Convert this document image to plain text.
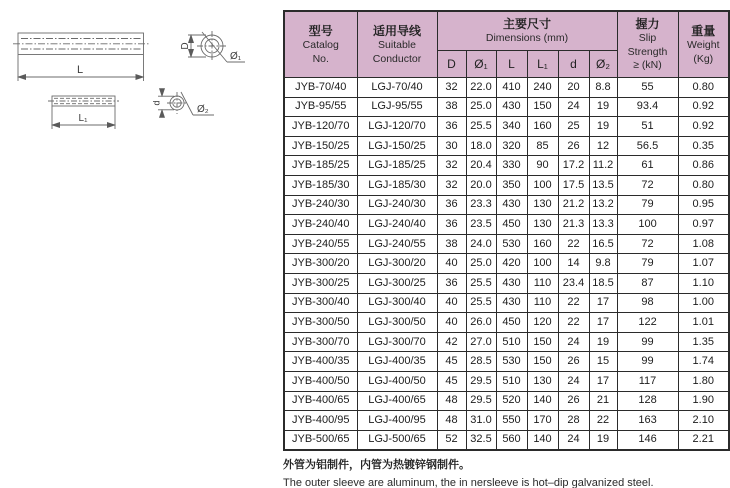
L
D
Ø₁
L₁
d
Ø₂
型号
Catalog
No.

适用导线
Suitable
Conductor

主要尺寸
Dimensions (mm)

握力
Slip Strength
≥ (kN)

重量
Weight
(Kg)

		D	Ø₁	L	L₁	d	Ø₂		
JYB-70/40	LGJ-70/40	32	22.0	410	240	20	8.8	55	0.80
JYB-95/55	LGJ-95/55	38	25.0	430	150	24	19	93.4	0.92
JYB-120/70	LGJ-120/70	36	25.5	340	160	25	19	51	0.92
JYB-150/25	LGJ-150/25	30	18.0	320	85	26	12	56.5	0.35
JYB-185/25	LGJ-185/25	32	20.4	330	90	17.2	11.2	61	0.86
JYB-185/30	LGJ-185/30	32	20.0	350	100	17.5	13.5	72	0.80
JYB-240/30	LGJ-240/30	36	23.3	430	130	21.2	13.2	79	0.95
JYB-240/40	LGJ-240/40	36	23.5	450	130	21.3	13.3	100	0.97
JYB-240/55	LGJ-240/55	38	24.0	530	160	22	16.5	72	1.08
JYB-300/20	LGJ-300/20	40	25.0	420	100	14	9.8	79	1.07
JYB-300/25	LGJ-300/25	36	25.5	430	110	23.4	18.5	87	1.10
JYB-300/40	LGJ-300/40	40	25.5	430	110	22	17	98	1.00
JYB-300/50	LGJ-300/50	40	26.0	450	120	22	17	122	1.01
JYB-300/70	LGJ-300/70	42	27.0	510	150	24	19	99	1.35
JYB-400/35	LGJ-400/35	45	28.5	530	150	26	15	99	1.74
JYB-400/50	LGJ-400/50	45	29.5	510	130	24	17	117	1.80
JYB-400/65	LGJ-400/65	48	29.5	520	140	26	21	128	1.90
JYB-400/95	LGJ-400/95	48	31.0	550	170	28	22	163	2.10
JYB-500/65	LGJ-500/65	52	32.5	560	140	24	19	146	2.21
外管为铝制件，内管为热镀锌钢制件。
The outer sleeve are aluminum, the in nersleeve is hot–dip galvanized steel.
